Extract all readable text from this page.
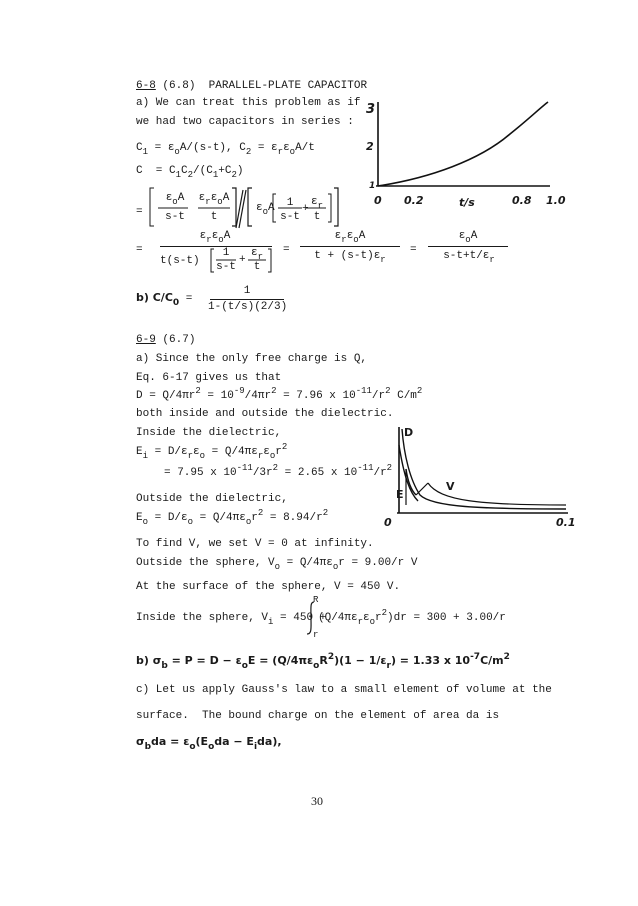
6-8 (6.8) PARALLEL-PLATE CAPACITOR
a) We can treat this problem as if
we had two capacitors in series :
$C_1 = \varepsilon_oA/(s-t)$, $C_2 = \varepsilon_r\varepsilon_oA/t$
$C = C_1C_2/(C_1+C_2)$
=
$\varepsilon_oA$
s-t
$\varepsilon_r\varepsilon_oA$
t
$\varepsilon_oA$	1
s-t
+
$\varepsilon_r$
t
=
$\varepsilon_r\varepsilon_oA$
t(s-t)
1
s-t
+
$\varepsilon_r$
t
=
$\varepsilon_r\varepsilon_oA$
$t + (s-t)\varepsilon_r$
=
$\varepsilon_oA$
$s-t+t/\varepsilon_r$
b) $C/C_0$ =
1
1-(t/s)(2/3)
3
2
1
0 0.2	0.8 1.0
t/s
6-9 (6.7)
a) Since the only free charge is Q,
Eq. 6-17 gives us that
$D = Q/4\pi r^2 = 10^{-9}/4\pi r^2 = 7.96$ x $10^{-11}/r^2$ $C/m^2$
both inside and outside the dielectric.
Inside the dielectric,
$E_i = D/\varepsilon_r\varepsilon_o = Q/4\pi\varepsilon_r\varepsilon_or^2$
= 7.95 x $10^{-11}/3r^2 = 2.65$ x $10^{-11}/r^2$
Outside the dielectric,
$E_o = D/\varepsilon_o = Q/4\pi\varepsilon_or^2 = 8.94/r^2$
To find V, we set V = 0 at infinity.
Outside the sphere, $V_o = Q/4\pi\varepsilon_or = 9.00/r$ V
At the surface of the sphere, V = 450 V.
Inside the sphere, $V_i = 450$ +
R
r
$(Q/4\pi\varepsilon_r\varepsilon_or^2)dr = 300 + 3.00/r$
b) $\sigma_b = P = D - \varepsilon_oE = (Q/4\pi\varepsilon_oR^2)(1 - 1/\varepsilon_r) = 1.33$ x $10^{-7}C/m^2$
c) Let us apply Gauss's law to a small element of volume at the
surface.  The bound charge on the element of area da is
$\sigma_bda = \varepsilon_o(E_oda - E_ida)$,
D
E
V
0	0.1
30
